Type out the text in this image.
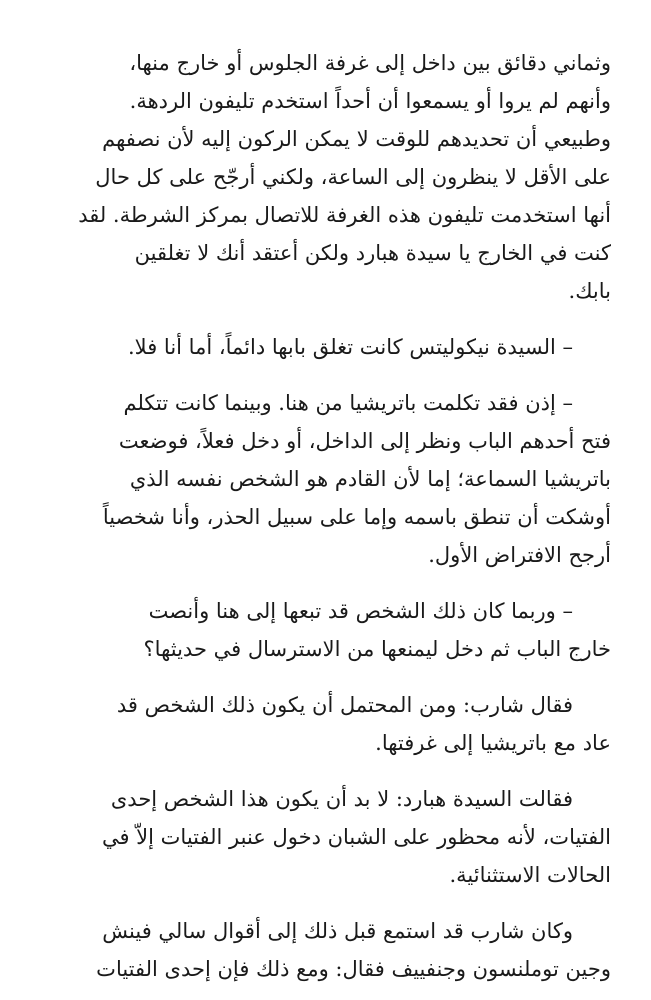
وثماني دقائق بين داخل إلى غرفة الجلوس أو خارج منها،
وأنهم لم يروا أو يسمعوا أن أحداً استخدم تليفون الردهة.
وطبيعي أن تحديدهم للوقت لا يمكن الركون إليه لأن نصفهم
على الأقل لا ينظرون إلى الساعة، ولكني أرجّح على كل حال
أنها استخدمت تليفون هذه الغرفة للاتصال بمركز الشرطة. لقد
كنت في الخارج يا سيدة هبارد ولكن أعتقد أنك لا تغلقين
بابك.

– السيدة نيكوليتس كانت تغلق بابها دائماً، أما أنا فلا.

– إذن فقد تكلمت باتريشيا من هنا. وبينما كانت تتكلم
فتح أحدهم الباب ونظر إلى الداخل، أو دخل فعلاً، فوضعت
باتريشيا السماعة؛ إما لأن القادم هو الشخص نفسه الذي
أوشكت أن تنطق باسمه وإما على سبيل الحذر، وأنا شخصياً
أرجح الافتراض الأول.

– وربما كان ذلك الشخص قد تبعها إلى هنا وأنصت
خارج الباب ثم دخل ليمنعها من الاسترسال في حديثها؟

فقال شارب: ومن المحتمل أن يكون ذلك الشخص قد
عاد مع باتريشيا إلى غرفتها.

فقالت السيدة هبارد: لا بد أن يكون هذا الشخص إحدى
الفتيات، لأنه محظور على الشبان دخول عنبر الفتيات إلاّ في
الحالات الاستثنائية.

وكان شارب قد استمع قبل ذلك إلى أقوال سالي فينش
وجين توملنسون وجنفييف فقال: ومع ذلك فإن إحدى الفتيات
